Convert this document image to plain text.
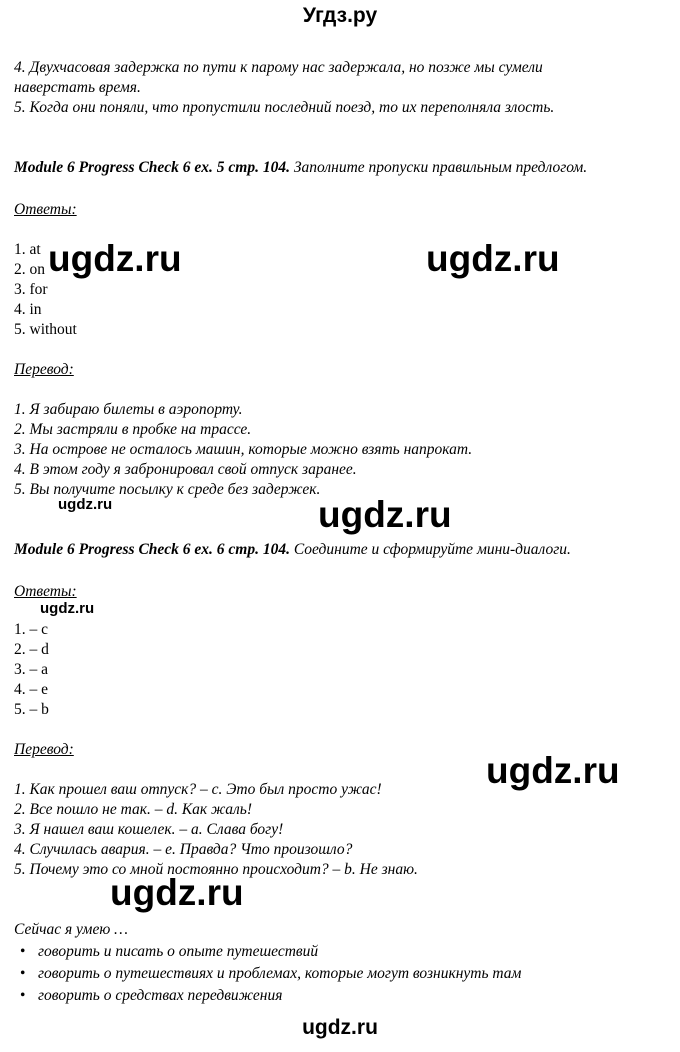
Угдз.ру
4. Двухчасовая задержка по пути к парому нас задержала, но позже мы сумели
наверстать время.
5. Когда они поняли, что пропустили последний поезд, то их переполняла злость.
Module 6 Progress Check 6 ex. 5 стр. 104. Заполните пропуски правильным предлогом.
Ответы:
1. at
2. on
3. for
4. in
5. without
Перевод:
1. Я забираю билеты в аэропорту.
2. Мы застряли в пробке на трассе.
3. На острове не осталось машин, которые можно взять напрокат.
4. В этом году я забронировал свой отпуск заранее.
5. Вы получите посылку к среде без задержек.
Module 6 Progress Check 6 ex. 6 стр. 104. Соедините и сформируйте мини-диалоги.
Ответы:
1. – c
2. – d
3. – a
4. – e
5. – b
Перевод:
1. Как прошел ваш отпуск? – c. Это был просто ужас!
2. Все пошло не так. – d. Как жаль!
3. Я нашел ваш кошелек. – a. Слава богу!
4. Случилась авария. – e. Правда? Что произошло?
5. Почему это со мной постоянно происходит? – b. Не знаю.
Сейчас я умею …
• говорить и писать о опыте путешествий
• говорить о путешествиях и проблемах, которые могут возникнуть там
• говорить о средствах передвижения
ugdz.ru	ugdz.ru
ugdz.ru	ugdz.ru
ugdz.ru
ugdz.ru
ugdz.ru
ugdz.ru
